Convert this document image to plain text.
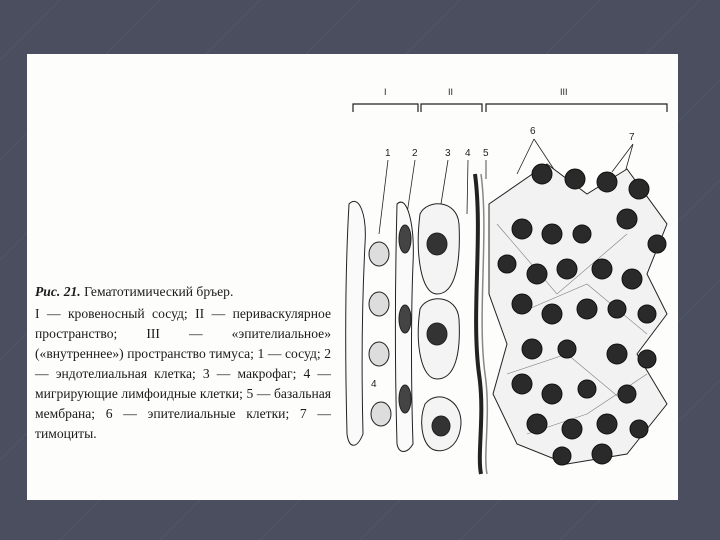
I	II	III
1 2	3 4 5
6
7
4
Рис. 21. Гематотимический бръер.
I — кровеносный сосуд; II — периваскулярное пространство; III — «эпителиальное» («внутреннее») пространство тимуса; 1 — сосуд; 2 — эндотелиальная клетка; 3 — макрофаг; 4 — мигрирующие лимфоидные клетки; 5 — базальная мембрана; 6 — эпителиальные клетки; 7 — тимоциты.
